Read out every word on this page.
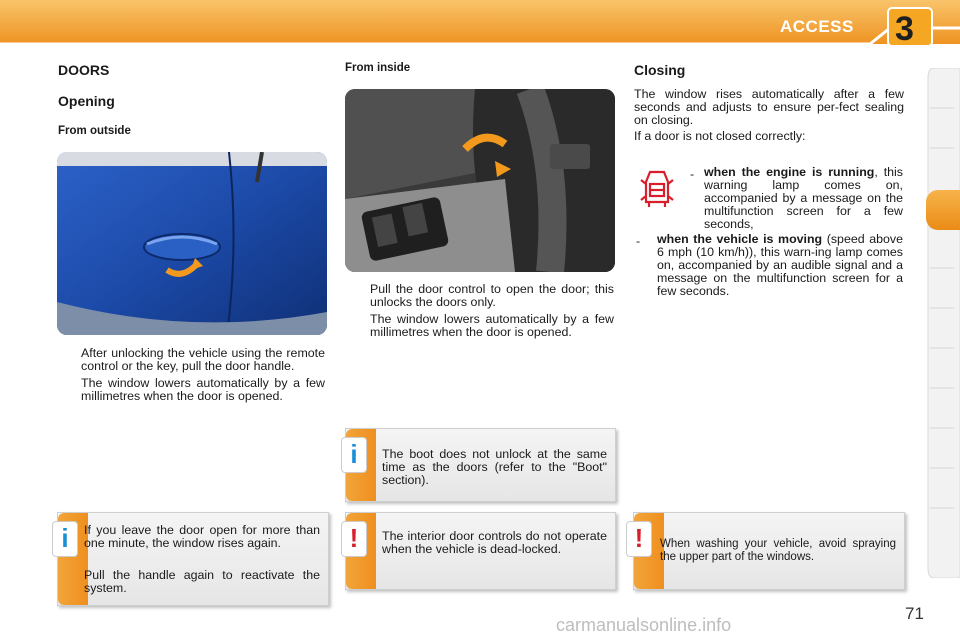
ACCESS 3
DOORS
Opening
From outside

After unlocking the vehicle using the remote control or the key, pull the door handle.

The window lowers automatically by a few millimetres when the door is opened.

From inside

Pull the door control to open the door; this unlocks the doors only.

The window lowers automatically by a few millimetres when the door is opened.

Closing

The window rises automatically after a few seconds and adjusts to ensure per-fect sealing on closing.

If a door is not closed correctly:

- when the engine is running, this warning lamp comes on, accompanied by a message on the multifunction screen for a few seconds,

- when the vehicle is moving (speed above 6 mph (10 km/h)), this warn-ing lamp comes on, accompanied by an audible signal and a message on the multifunction screen for a few seconds.

The boot does not unlock at the same time as the doors (refer to the "Boot" section).

i

If you leave the door open for more than one minute, the window rises again.

Pull the handle again to reactivate the system.

i	The interior door controls do not operate when the vehicle is dead-locked.

!	When washing your vehicle, avoid spraying the upper part of the windows.

!
71
carmanualsonline.info
